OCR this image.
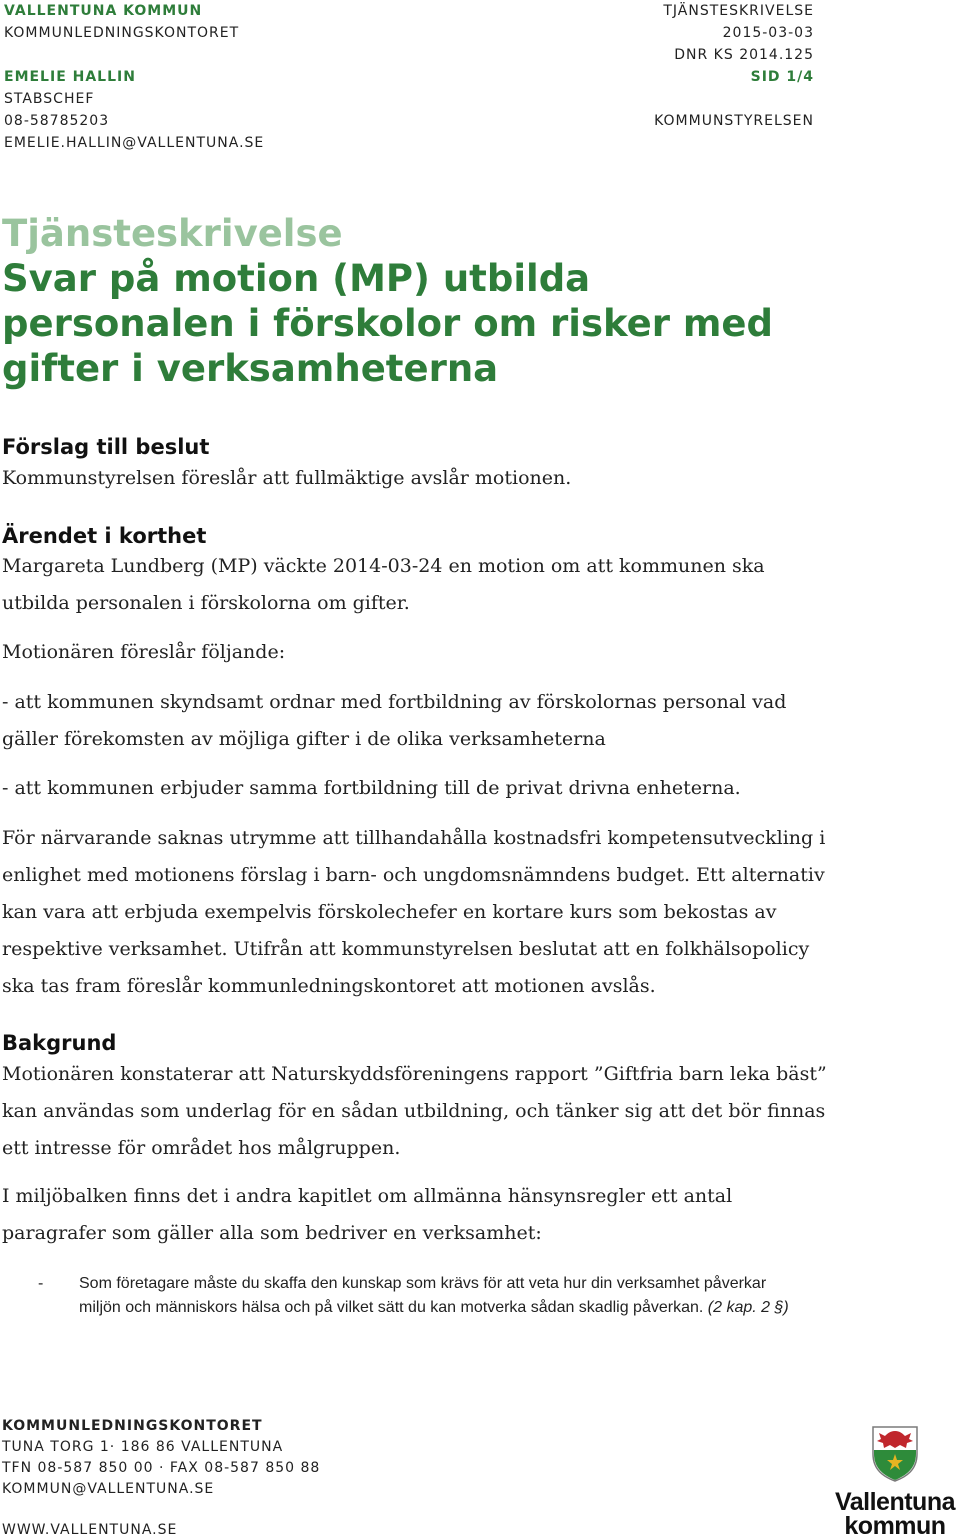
VALLENTUNA KOMMUN
KOMMUNLEDNINGSKONTORET
EMELIE HALLIN
STABSCHEF
08-58785203
EMELIE.HALLIN@VALLENTUNA.SE
TJÄNSTESKRIVELSE
2015-03-03
DNR KS 2014.125
SID 1/4
KOMMUNSTYRELSEN
Tjänsteskrivelse
Svar på motion (MP) utbilda
personalen i förskolor om risker med
gifter i verksamheterna
Förslag till beslut
Kommunstyrelsen föreslår att fullmäktige avslår motionen.
Ärendet i korthet
Margareta Lundberg (MP) väckte 2014-03-24 en motion om att kommunen ska utbilda personalen i förskolorna om gifter.
Motionären föreslår följande:
- att kommunen skyndsamt ordnar med fortbildning av förskolornas personal vad gäller förekomsten av möjliga gifter i de olika verksamheterna
- att kommunen erbjuder samma fortbildning till de privat drivna enheterna.
För närvarande saknas utrymme att tillhandahålla kostnadsfri kompetensutveckling i enlighet med motionens förslag i barn- och ungdomsnämndens budget. Ett alternativ kan vara att erbjuda exempelvis förskolechefer en kortare kurs som bekostas av respektive verksamhet. Utifrån att kommunstyrelsen beslutat att en folkhälsopolicy ska tas fram föreslår kommunledningskontoret att motionen avslås.
Bakgrund
Motionären konstaterar att Naturskyddsföreningens rapport ”Giftfria barn leka bäst” kan användas som underlag för en sådan utbildning, och tänker sig att det bör finnas ett intresse för området hos målgruppen.
I miljöbalken finns det i andra kapitlet om allmänna hänsynsregler ett antal paragrafer som gäller alla som bedriver en verksamhet:
- Som företagare måste du skaffa den kunskap som krävs för att veta hur din verksamhet påverkar miljön och människors hälsa och på vilket sätt du kan motverka sådan skadlig påverkan. (2 kap. 2 §)
KOMMUNLEDNINGSKONTORET
TUNA TORG 1· 186 86 VALLENTUNA
TFN 08-587 850 00 · FAX 08-587 850 88
KOMMUN@VALLENTUNA.SE
WWW.VALLENTUNA.SE
Vallentuna
kommun
